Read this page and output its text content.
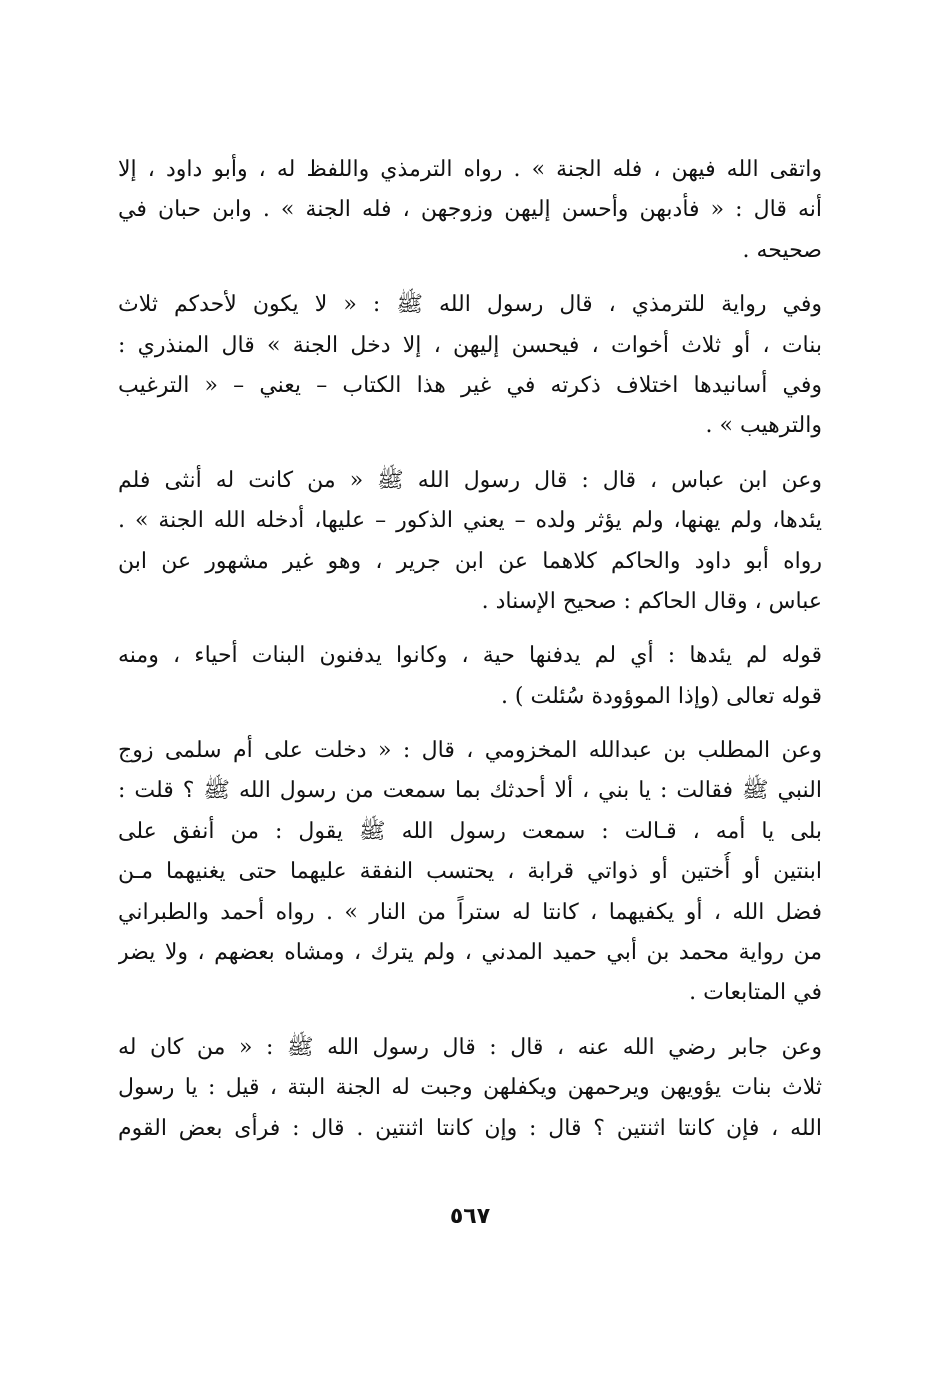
واتقى الله فيهن ، فله الجنة » . رواه الترمذي واللفظ له ، وأبو داود ، إلا
أنه قال : « فأدبهن وأحسن إليهن وزوجهن ، فله الجنة » . وابن حبان في
صحيحه .
وفي رواية للترمذي ، قال رسول الله ﷺ : « لا يكون لأحدكم ثلاث
بنات ، أو ثلاث أخوات ، فيحسن إليهن ، إلا دخل الجنة » قال المنذري :
وفي أسانيدها اختلاف ذكرته في غير هذا الكتاب – يعني – « الترغيب
والترهيب » .
وعن ابن عباس ، قال : قال رسول الله ﷺ « من كانت له أنثى فلم
يئدها، ولم يهنها، ولم يؤثر ولده – يعني الذكور – عليها، أدخله الله الجنة » .
رواه أبو داود والحاكم كلاهما عن ابن جرير ، وهو غير مشهور عن ابن
عباس ، وقال الحاكم : صحيح الإسناد .
قوله لم يئدها : أي لم يدفنها حية ، وكانوا يدفنون البنات أحياء ، ومنه
قوله تعالى (وإذا الموؤودة سُئلت ) .
وعن المطلب بن عبدالله المخزومي ، قال : « دخلت على أم سلمى زوج
النبي ﷺ فقالت : يا بني ، ألا أحدثك بما سمعت من رسول الله ﷺ ؟ قلت :
بلى يا أمه ، قـالت : سمعت رسول الله ﷺ يقول : من أنفق على
ابنتين أو أُختين أو ذواتي قرابة ، يحتسب النفقة عليهما حتى يغنيهما مـن
فضل الله ، أو يكفيهما ، كانتا له ستراً من النار » . رواه أحمد والطبراني
من رواية محمد بن أبي حميد المدني ، ولم يترك ، ومشاه بعضهم ، ولا يضر
في المتابعات .
وعن جابر رضي الله عنه ، قال : قال رسول الله ﷺ : « من كان له
ثلاث بنات يؤويهن ويرحمهن ويكفلهن وجبت له الجنة البتة ، قيل : يا رسول
الله ، فإن كانتا اثنتين ؟ قال : وإن كانتا اثنتين . قال : فرأى بعض القوم
٥٦٧
